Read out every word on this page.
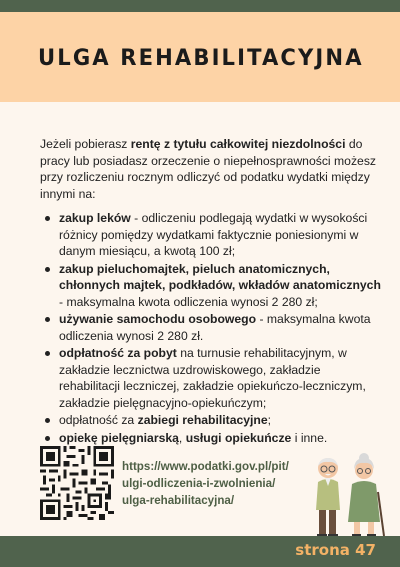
ULGA REHABILITACYJNA

Jeżeli pobierasz rentę z tytułu całkowitej niezdolności do pracy lub posiadasz orzeczenie o niepełnosprawności możesz przy rozliczeniu rocznym odliczyć od podatku wydatki między innymi na:

zakup leków - odliczeniu podlegają wydatki w wysokości różnicy pomiędzy wydatkami faktycznie poniesionymi w danym miesiącu, a kwotą 100 zł;
zakup pieluchomajtek, pieluch anatomicznych, chłonnych majtek, podkładów, wkładów anatomicznych - maksymalna kwota odliczenia wynosi 2 280 zł;
używanie samochodu osobowego - maksymalna kwota odliczenia wynosi 2 280 zł.
odpłatność za pobyt na turnusie rehabilitacyjnym, w zakładzie lecznictwa uzdrowiskowego, zakładzie rehabilitacji leczniczej, zakładzie opiekuńczo-leczniczym, zakładzie pielęgnacyjno-opiekuńczym;
odpłatność za zabiegi rehabilitacyjne;
opiekę pielęgniarską, usługi opiekuńcze i inne.

https://www.podatki.gov.pl/pit/
ulgi-odliczenia-i-zwolnienia/
ulga-rehabilitacyjna/

strona 47
